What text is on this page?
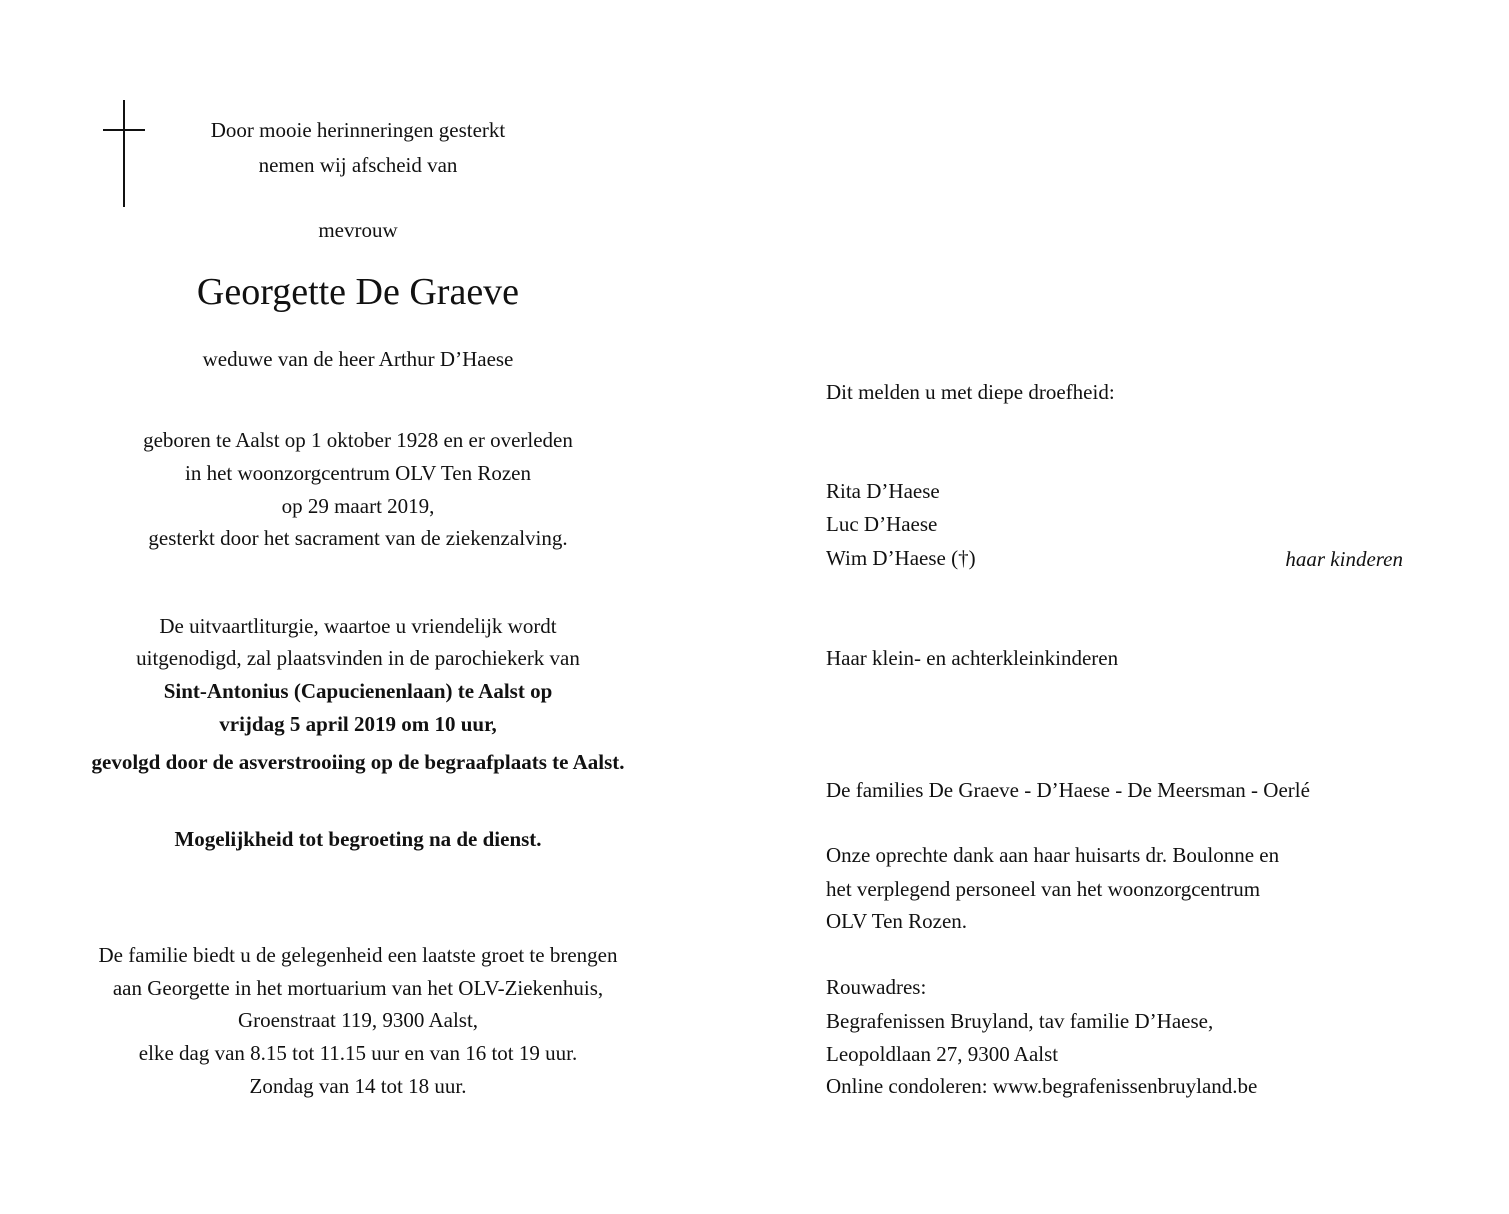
Door mooie herinneringen gesterkt
nemen wij afscheid van
mevrouw
Georgette De Graeve
weduwe van de heer Arthur D’Haese
geboren te Aalst op 1 oktober 1928 en er overleden
in het woonzorgcentrum OLV Ten Rozen
op 29 maart 2019,
gesterkt door het sacrament van de ziekenzalving.
De uitvaartliturgie, waartoe u vriendelijk wordt
uitgenodigd, zal plaatsvinden in de parochiekerk van
Sint-Antonius (Capucienenlaan) te Aalst op
vrijdag 5 april 2019 om 10 uur,
gevolgd door de asverstrooiing op de begraafplaats te Aalst.
Mogelijkheid tot begroeting na de dienst.
De familie biedt u de gelegenheid een laatste groet te brengen
aan Georgette in het mortuarium van het OLV-Ziekenhuis,
Groenstraat 119, 9300 Aalst,
elke dag van 8.15 tot 11.15 uur en van 16 tot 19 uur.
Zondag van 14 tot 18 uur.
Dit melden u met diepe droefheid:
Rita D’Haese
Luc D’Haese
Wim D’Haese (†)	haar kinderen
Haar klein- en achterkleinkinderen
De families De Graeve - D’Haese - De Meersman - Oerlé
Onze oprechte dank aan haar huisarts dr. Boulonne en
het verplegend personeel van het woonzorgcentrum
OLV Ten Rozen.
Rouwadres:
Begrafenissen Bruyland, tav familie D’Haese,
Leopoldlaan 27, 9300 Aalst
Online condoleren: www.begrafenissenbruyland.be
